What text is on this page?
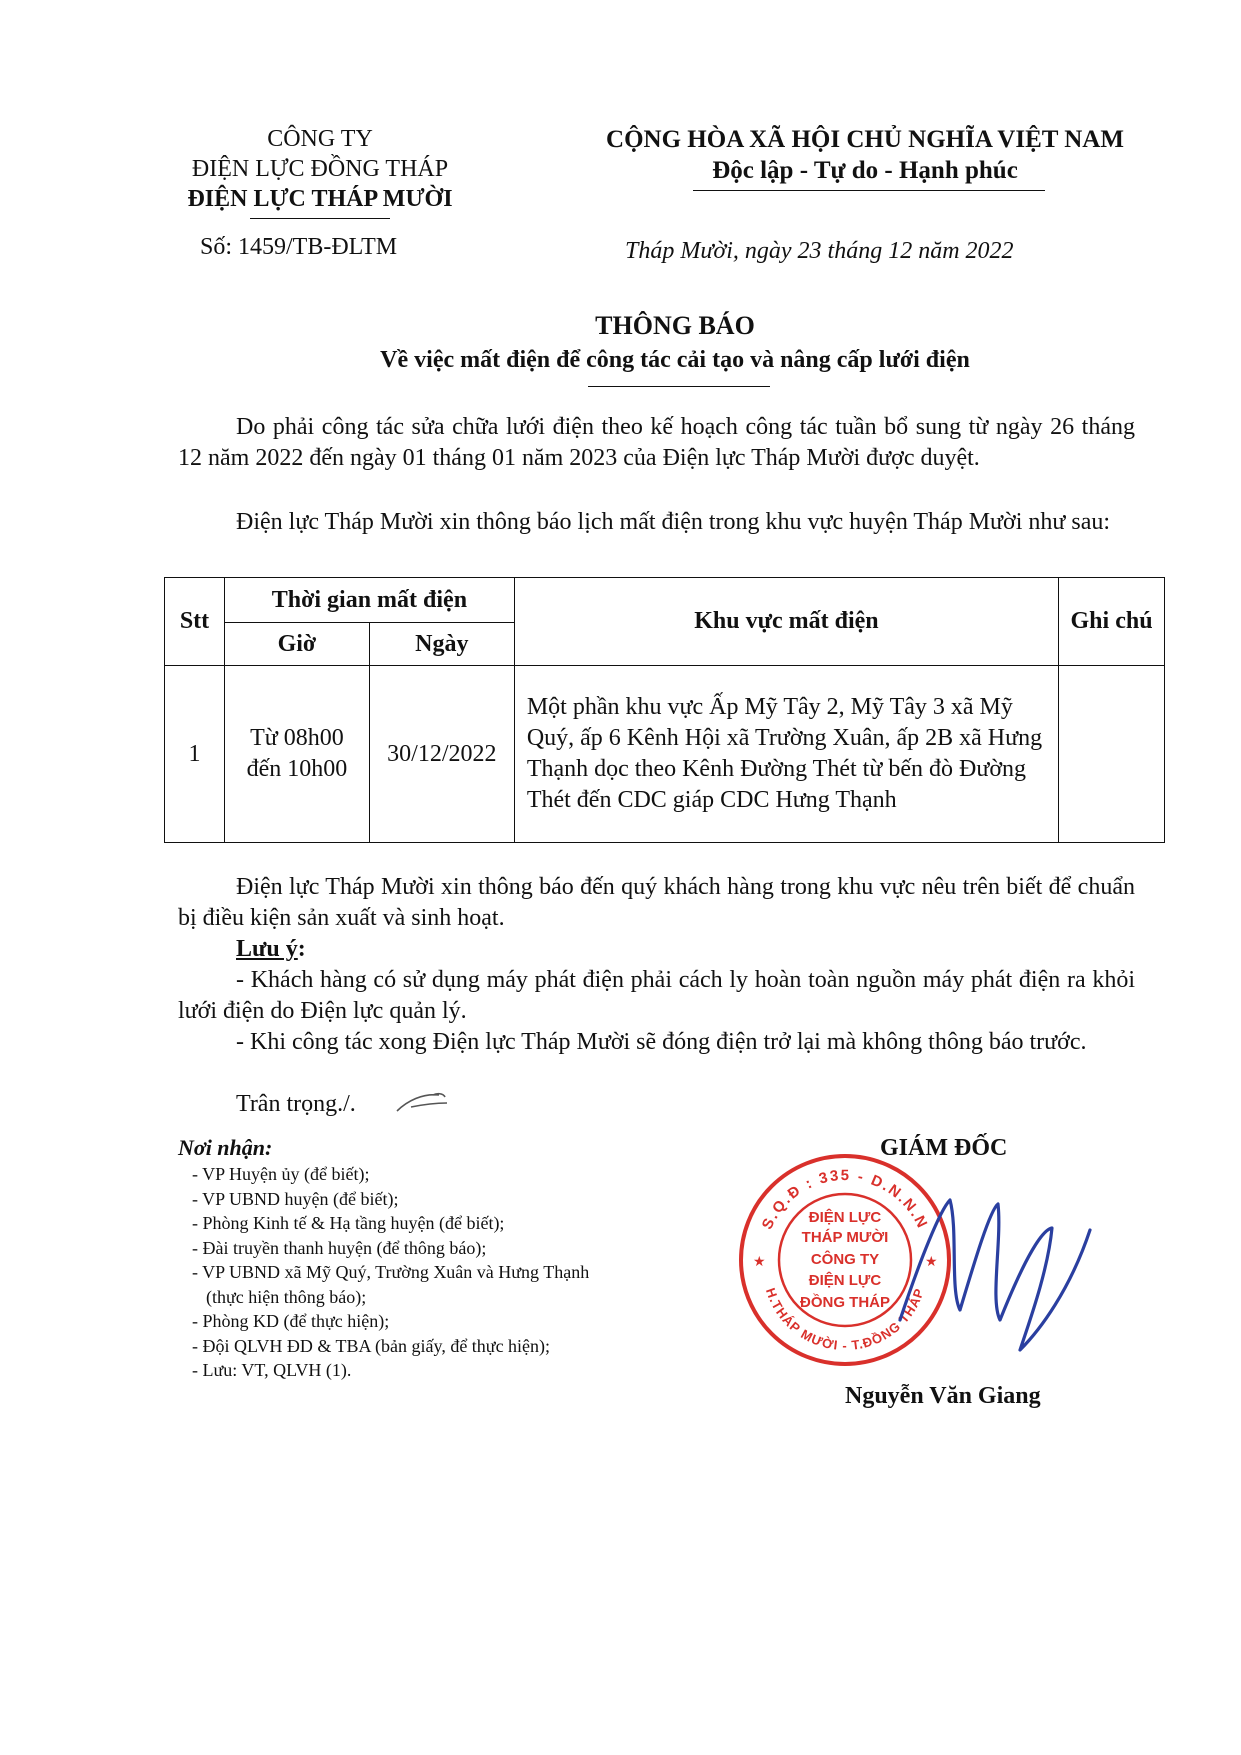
CÔNG TY
ĐIỆN LỰC ĐỒNG THÁP
ĐIỆN LỰC THÁP MƯỜI
Số: 1459/TB-ĐLTM
CỘNG HÒA XÃ HỘI CHỦ NGHĨA VIỆT NAM
Độc lập - Tự do - Hạnh phúc
Tháp Mười, ngày 23 tháng 12 năm 2022
THÔNG BÁO
Về việc mất điện để công tác cải tạo và nâng cấp lưới điện
Do phải công tác sửa chữa lưới điện theo kế hoạch công tác tuần bổ sung từ ngày 26 tháng 12 năm 2022 đến ngày 01 tháng 01 năm 2023 của Điện lực Tháp Mười được duyệt.
Điện lực Tháp Mười xin thông báo lịch mất điện trong khu vực huyện Tháp Mười như sau:
Stt	Thời gian mất điện		Khu vực mất điện	Ghi chú
	Giờ	Ngày		
1	Từ 08h00 đến 10h00	30/12/2022	Một phần khu vực Ấp Mỹ Tây 2, Mỹ Tây 3 xã Mỹ Quý, ấp 6 Kênh Hội xã Trường Xuân, ấp 2B xã Hưng Thạnh dọc theo Kênh Đường Thét từ bến đò Đường Thét đến CDC giáp CDC Hưng Thạnh	
Điện lực Tháp Mười xin thông báo đến quý khách hàng trong khu vực nêu trên biết để chuẩn bị điều kiện sản xuất và sinh hoạt.
Lưu ý:
- Khách hàng có sử dụng máy phát điện phải cách ly hoàn toàn nguồn máy phát điện ra khỏi lưới điện do Điện lực quản lý.
- Khi công tác xong Điện lực Tháp Mười sẽ đóng điện trở lại mà không thông báo trước.
Trân trọng./.
Nơi nhận:
- VP Huyện ủy (để biết);
- VP UBND huyện (để biết);
- Phòng Kinh tế & Hạ tầng huyện (để biết);
- Đài truyền thanh huyện (để thông báo);
- VP UBND xã Mỹ Quý, Trường Xuân và Hưng Thạnh
(thực hiện thông báo);
- Phòng KD (để thực hiện);
- Đội QLVH ĐD & TBA (bản giấy, để thực hiện);
- Lưu: VT, QLVH (1).
GIÁM ĐỐC
S.Q.Đ : 335 - D.N.N.N
H.THÁP MƯỜI - T.ĐỒNG THÁP
★	★
ĐIỆN LỰC
THÁP MƯỜI
CÔNG TY
ĐIỆN LỰC
ĐỒNG THÁP
Nguyễn Văn Giang
